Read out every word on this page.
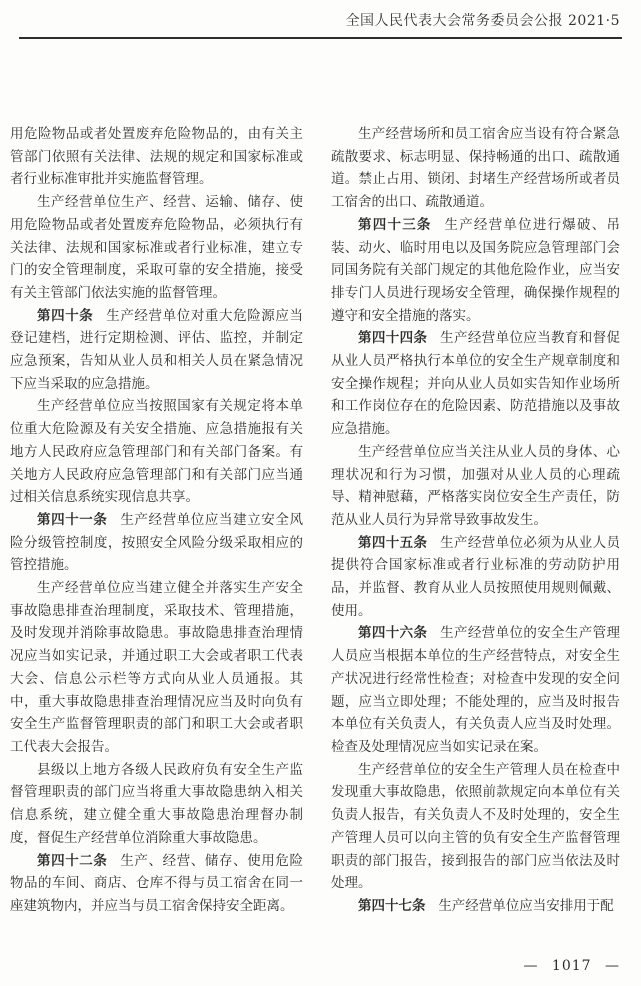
全国人民代表大会常务委员会公报 2021·5

用危险物品或者处置废弃危险物品的，由有关主管部门依照有关法律、法规的规定和国家标准或者行业标准审批并实施监督管理。

生产经营单位生产、经营、运输、储存、使用危险物品或者处置废弃危险物品，必须执行有关法律、法规和国家标准或者行业标准，建立专门的安全管理制度，采取可靠的安全措施，接受有关主管部门依法实施的监督管理。

第四十条 生产经营单位对重大危险源应当登记建档，进行定期检测、评估、监控，并制定应急预案，告知从业人员和相关人员在紧急情况下应当采取的应急措施。

生产经营单位应当按照国家有关规定将本单位重大危险源及有关安全措施、应急措施报有关地方人民政府应急管理部门和有关部门备案。有关地方人民政府应急管理部门和有关部门应当通过相关信息系统实现信息共享。

第四十一条 生产经营单位应当建立安全风险分级管控制度，按照安全风险分级采取相应的管控措施。

生产经营单位应当建立健全并落实生产安全事故隐患排查治理制度，采取技术、管理措施，及时发现并消除事故隐患。事故隐患排查治理情况应当如实记录，并通过职工大会或者职工代表大会、信息公示栏等方式向从业人员通报。其中，重大事故隐患排查治理情况应当及时向负有安全生产监督管理职责的部门和职工大会或者职工代表大会报告。

县级以上地方各级人民政府负有安全生产监督管理职责的部门应当将重大事故隐患纳入相关信息系统，建立健全重大事故隐患治理督办制度，督促生产经营单位消除重大事故隐患。

第四十二条 生产、经营、储存、使用危险物品的车间、商店、仓库不得与员工宿舍在同一座建筑物内，并应当与员工宿舍保持安全距离。

生产经营场所和员工宿舍应当设有符合紧急疏散要求、标志明显、保持畅通的出口、疏散通道。禁止占用、锁闭、封堵生产经营场所或者员工宿舍的出口、疏散通道。

第四十三条 生产经营单位进行爆破、吊装、动火、临时用电以及国务院应急管理部门会同国务院有关部门规定的其他危险作业，应当安排专门人员进行现场安全管理，确保操作规程的遵守和安全措施的落实。

第四十四条 生产经营单位应当教育和督促从业人员严格执行本单位的安全生产规章制度和安全操作规程；并向从业人员如实告知作业场所和工作岗位存在的危险因素、防范措施以及事故应急措施。

生产经营单位应当关注从业人员的身体、心理状况和行为习惯，加强对从业人员的心理疏导、精神慰藉，严格落实岗位安全生产责任，防范从业人员行为异常导致事故发生。

第四十五条 生产经营单位必须为从业人员提供符合国家标准或者行业标准的劳动防护用品，并监督、教育从业人员按照使用规则佩戴、使用。

第四十六条 生产经营单位的安全生产管理人员应当根据本单位的生产经营特点，对安全生产状况进行经常性检查；对检查中发现的安全问题，应当立即处理；不能处理的，应当及时报告本单位有关负责人，有关负责人应当及时处理。检查及处理情况应当如实记录在案。

生产经营单位的安全生产管理人员在检查中发现重大事故隐患，依照前款规定向本单位有关负责人报告，有关负责人不及时处理的，安全生产管理人员可以向主管的负有安全生产监督管理职责的部门报告，接到报告的部门应当依法及时处理。

第四十七条 生产经营单位应当安排用于配

— 1017 —
